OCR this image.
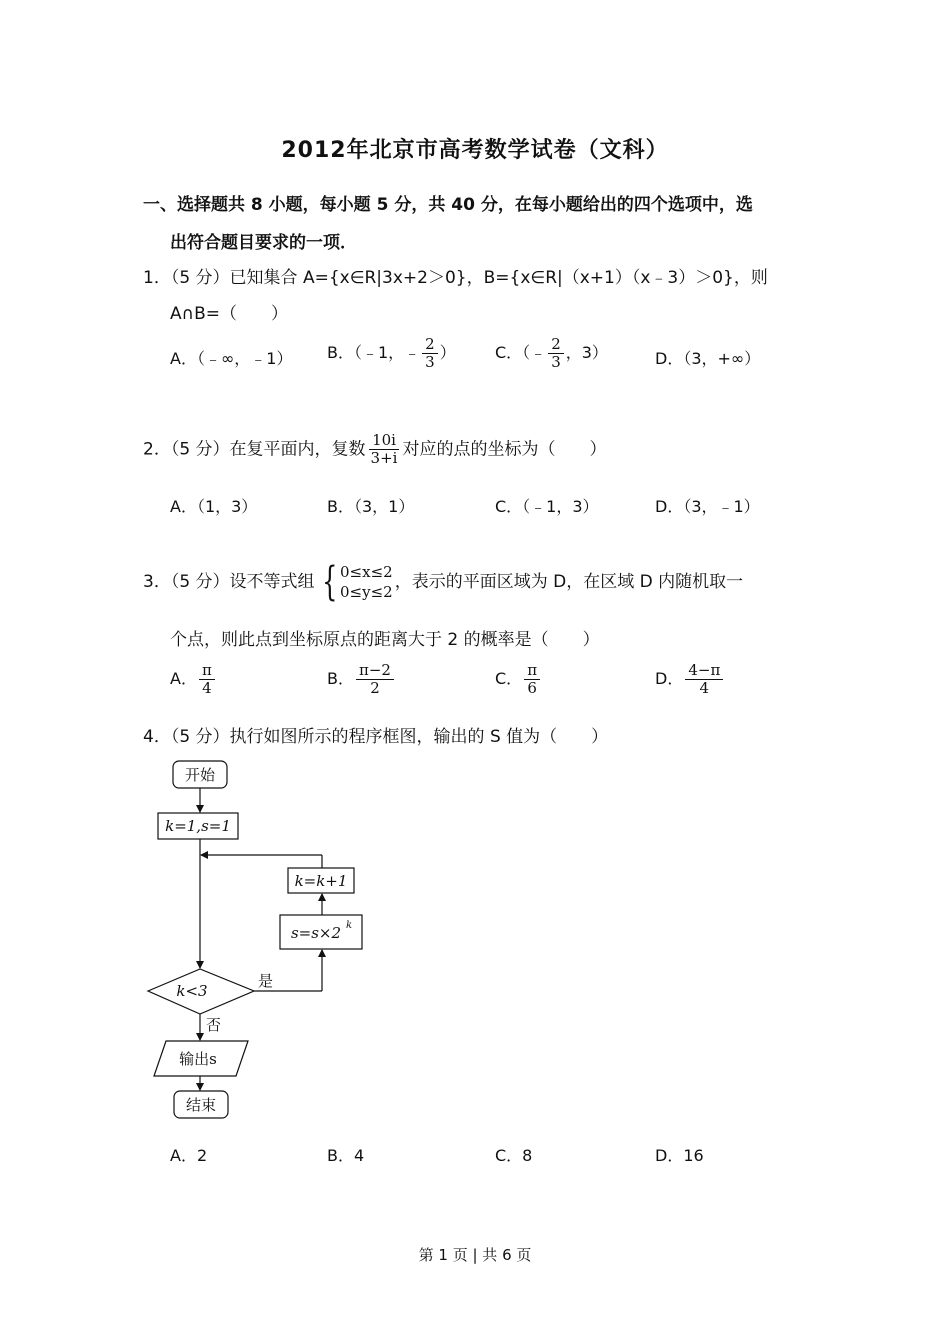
2012年北京市高考数学试卷（文科）
一、选择题共 8 小题，每小题 5 分，共 40 分，在每小题给出的四个选项中，选
出符合题目要求的一项．
1．（5 分）已知集合 A={x∈R|3x+2＞0}，B={x∈R|（x+1）（x﹣3）＞0}，则
A∩B=（　　）
A．（﹣∞，﹣1） B．（﹣1，﹣ $\frac{2}{3}$ ） C．（﹣ $\frac{2}{3}$ ，3）	D．（3，+∞）
2．（5 分）在复平面内，复数 $\frac{10i}{3+i}$ 对应的点的坐标为（　　）
A．（1，3）	B．（3，1）	C．（﹣1，3）	D．（3，﹣1）
3．（5 分）设不等式组 { 0≤x≤2
0≤y≤2 ，表示的平面区域为 D，在区域 D 内随机取一
个点，则此点到坐标原点的距离大于 2 的概率是（　　）
A． $\frac{\pi}{4}$	B． $\frac{\pi-2}{2}$	C． $\frac{\pi}{6}$	D． $\frac{4-\pi}{4}$
4．（5 分）执行如图所示的程序框图，输出的 S 值为（　　）
开始
k=1,s=1
k=k+1
s=s×2 k
k<3
是
否
输出s
结束
A．2	B．4	C．8	D．16
第 1 页 | 共 6 页
